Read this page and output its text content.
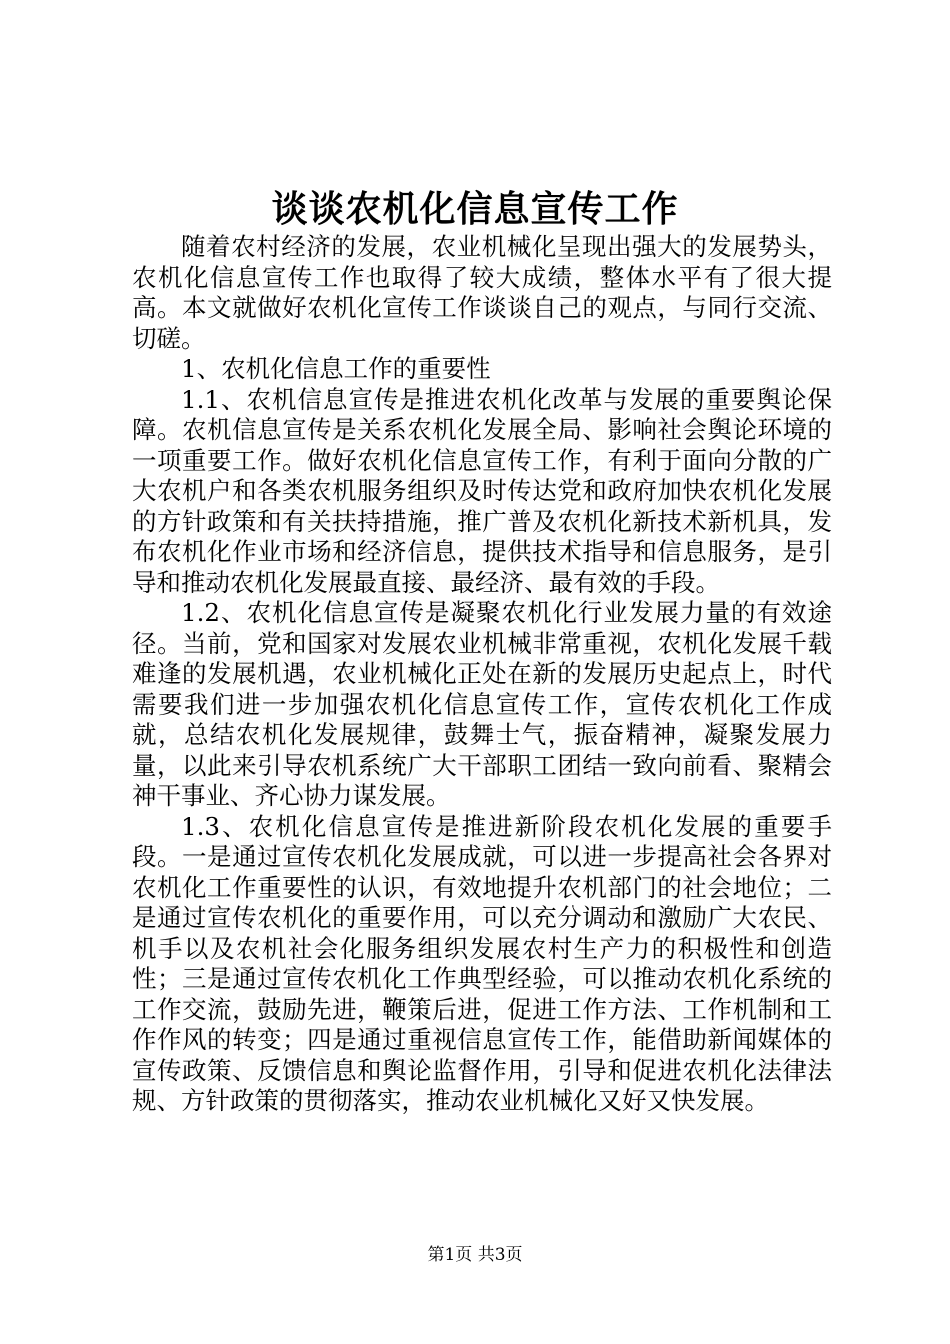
谈谈农机化信息宣传工作

随着农村经济的发展，农业机械化呈现出强大的发展势头，农机化信息宣传工作也取得了较大成绩，整体水平有了很大提高。本文就做好农机化宣传工作谈谈自己的观点，与同行交流、切磋。

1、农机化信息工作的重要性

1.1、农机信息宣传是推进农机化改革与发展的重要舆论保障。农机信息宣传是关系农机化发展全局、影响社会舆论环境的一项重要工作。做好农机化信息宣传工作，有利于面向分散的广大农机户和各类农机服务组织及时传达党和政府加快农机化发展的方针政策和有关扶持措施，推广普及农机化新技术新机具，发布农机化作业市场和经济信息，提供技术指导和信息服务，是引导和推动农机化发展最直接、最经济、最有效的手段。

1.2、农机化信息宣传是凝聚农机化行业发展力量的有效途径。当前，党和国家对发展农业机械非常重视，农机化发展千载难逢的发展机遇，农业机械化正处在新的发展历史起点上，时代需要我们进一步加强农机化信息宣传工作，宣传农机化工作成就，总结农机化发展规律，鼓舞士气，振奋精神，凝聚发展力量，以此来引导农机系统广大干部职工团结一致向前看、聚精会神干事业、齐心协力谋发展。

1.3、农机化信息宣传是推进新阶段农机化发展的重要手段。一是通过宣传农机化发展成就，可以进一步提高社会各界对农机化工作重要性的认识，有效地提升农机部门的社会地位；二是通过宣传农机化的重要作用，可以充分调动和激励广大农民、机手以及农机社会化服务组织发展农村生产力的积极性和创造性；三是通过宣传农机化工作典型经验，可以推动农机化系统的工作交流，鼓励先进，鞭策后进，促进工作方法、工作机制和工作作风的转变；四是通过重视信息宣传工作，能借助新闻媒体的宣传政策、反馈信息和舆论监督作用，引导和促进农机化法律法规、方针政策的贯彻落实，推动农业机械化又好又快发展。

第1页 共3页
